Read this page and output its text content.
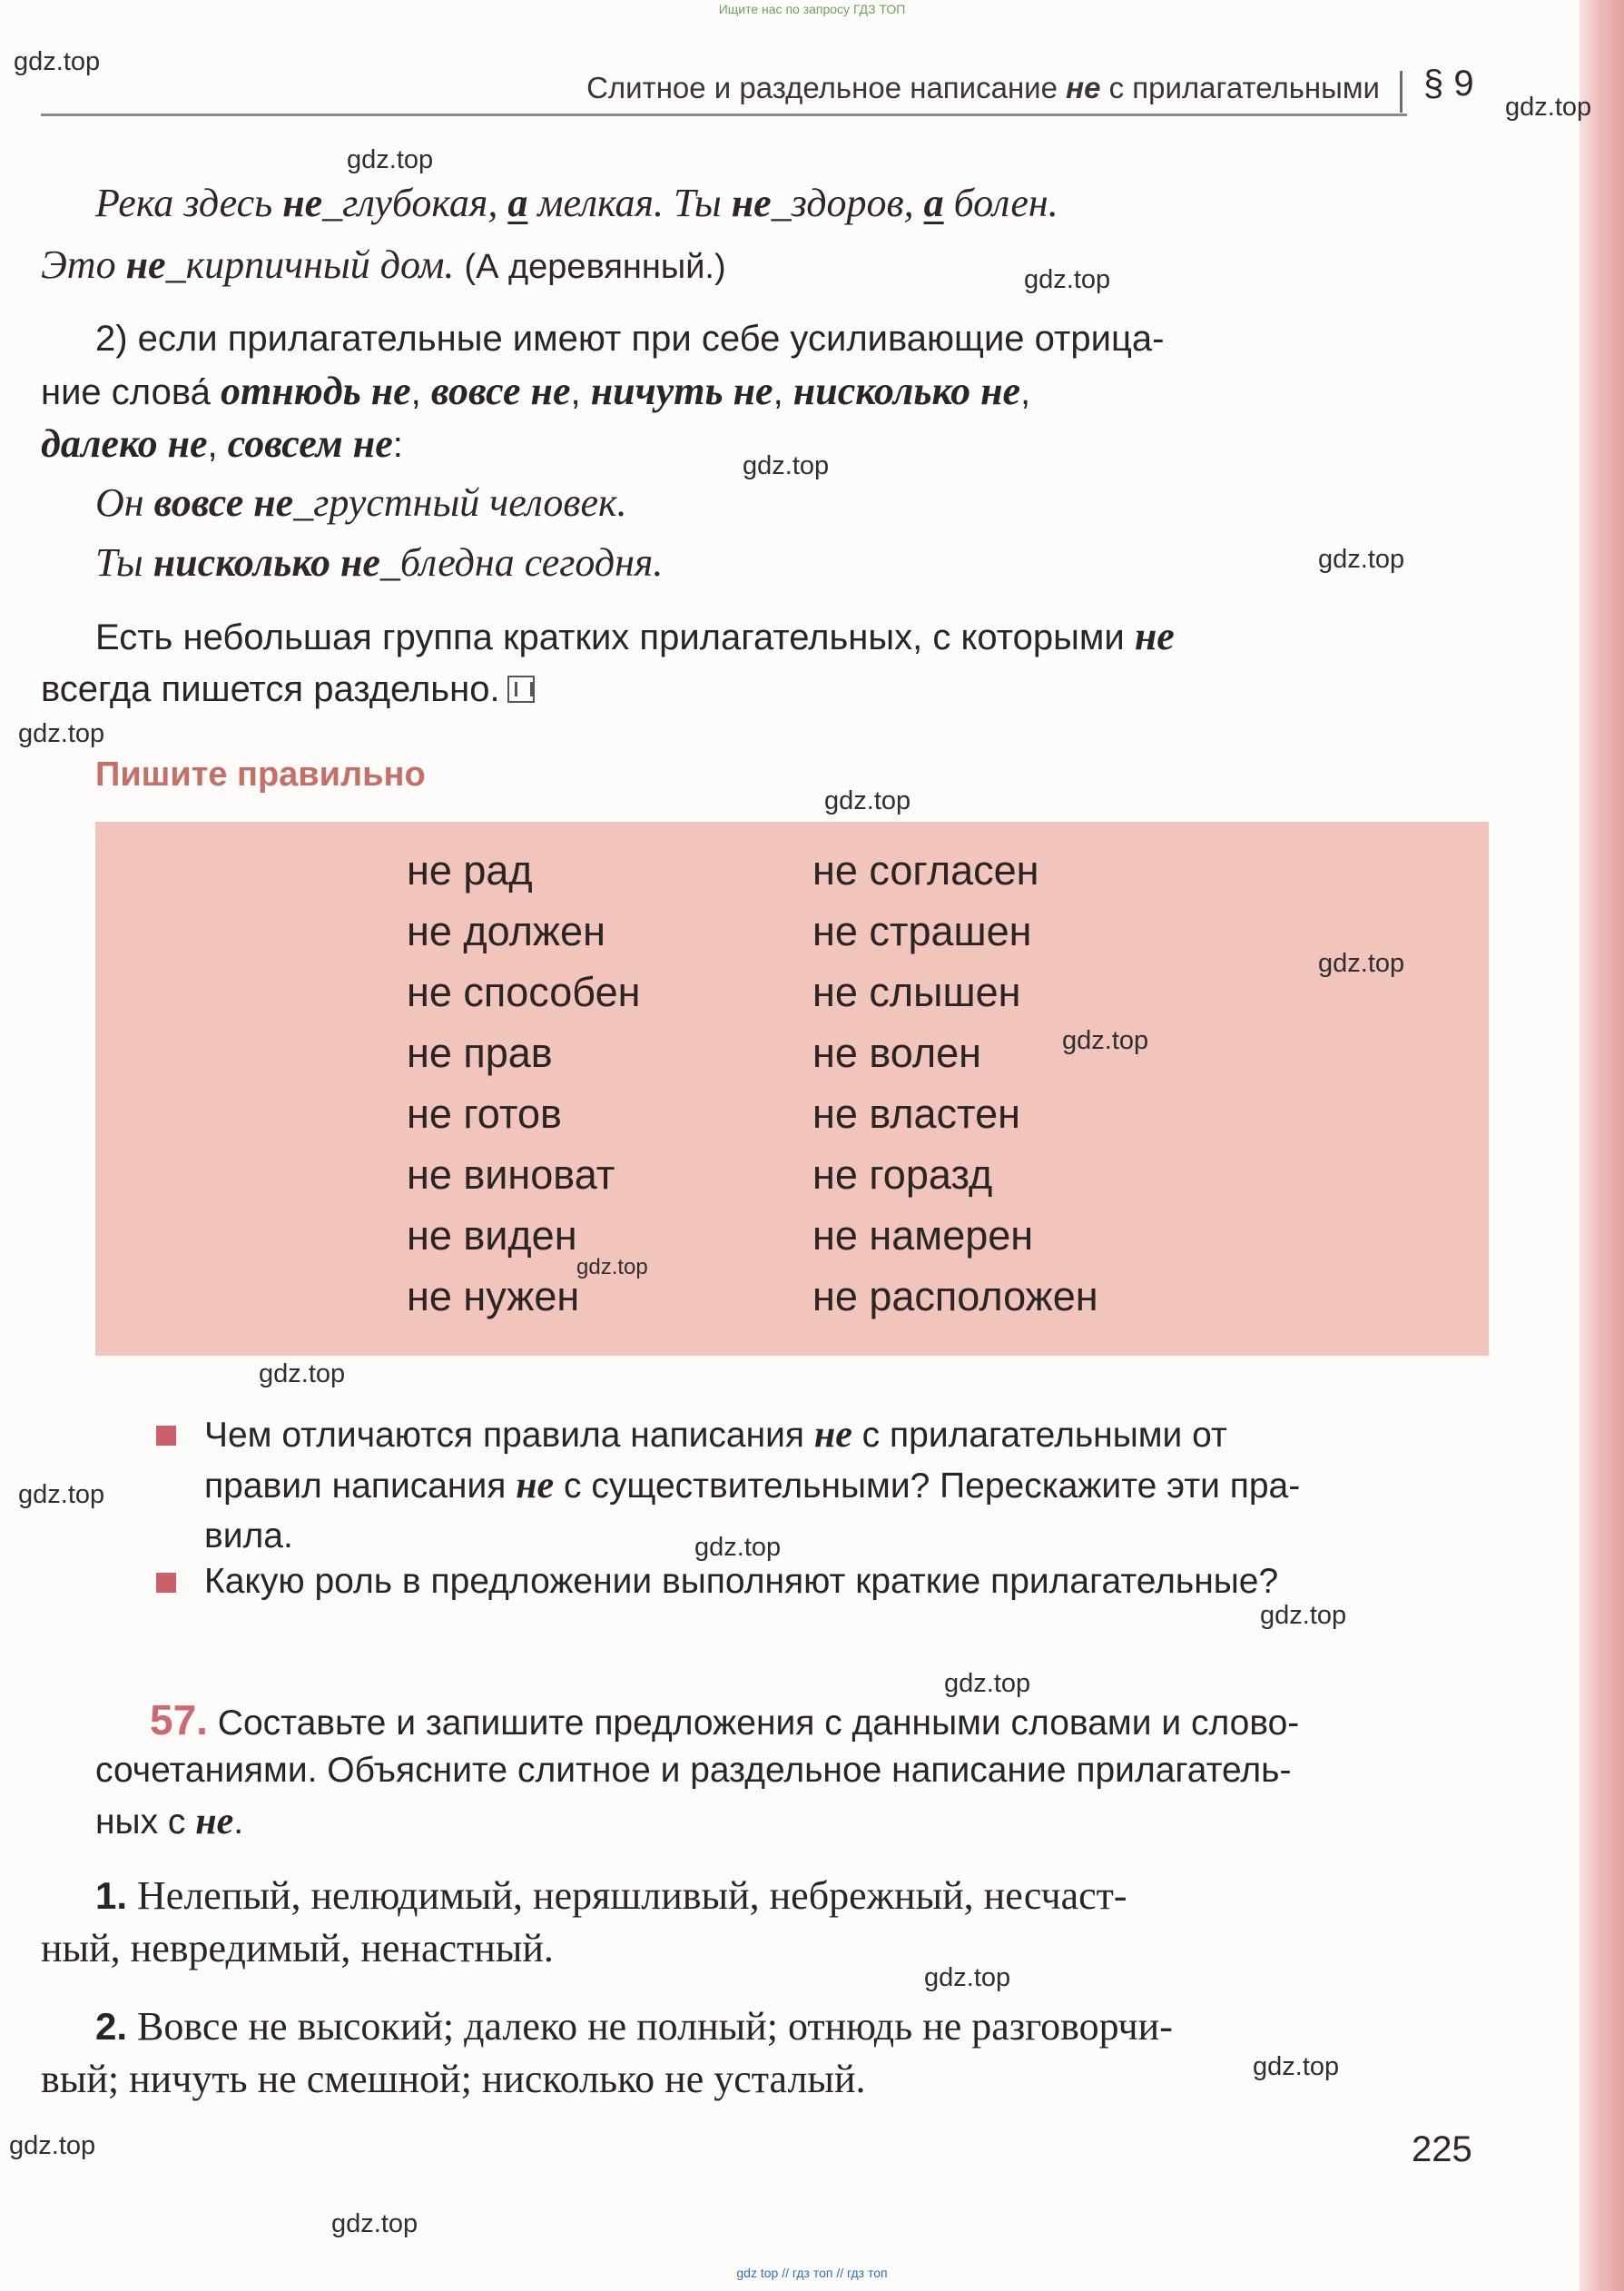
Ищите нас по запросу ГДЗ ТОП
Слитное и раздельное написание не с прилагательными § 9
Река здесь не_глубокая, а мелкая. Ты не_здоров, а болен.
Это не_кирпичный дом. (А деревянный.)
2) если прилагательные имеют при себе усиливающие отрица-
ние слова́ отнюдь не, вовсе не, ничуть не, нисколько не,
далеко не, совсем не:
Он вовсе не_грустный человек.
Ты нисколько не_бледна сегодня.
Есть небольшая группа кратких прилагательных, с которыми не
всегда пишется раздельно.
Пишите правильно
не рад
не должен
не способен
не прав
не готов
не виноват
не виден
не нужен
не согласен
не страшен
не слышен
не волен
не властен
не горазд
не намерен
не расположен
Чем отличаются правила написания не с прилагательными от
правил написания не с существительными? Перескажите эти пра-
вила.
Какую роль в предложении выполняют краткие прилагательные?
57. Составьте и запишите предложения с данными словами и слово-
сочетаниями. Объясните слитное и раздельное написание прилагатель-
ных с не.
1. Нелепый, нелюдимый, неряшливый, небрежный, несчаст-
ный, невредимый, ненастный.
2. Вовсе не высокий; далеко не полный; отнюдь не разговорчи-
вый; ничуть не смешной; нисколько не усталый.
225
gdz.top
gdz.top
gdz.top
gdz.top
gdz.top
gdz.top
gdz.top
gdz.top
gdz.top
gdz.top
gdz.top
gdz.top
gdz.top
gdz.top
gdz.top
gdz.top
gdz.top
gdz.top
gdz.top
gdz.top
gdz top // гдз топ // гдз топ
